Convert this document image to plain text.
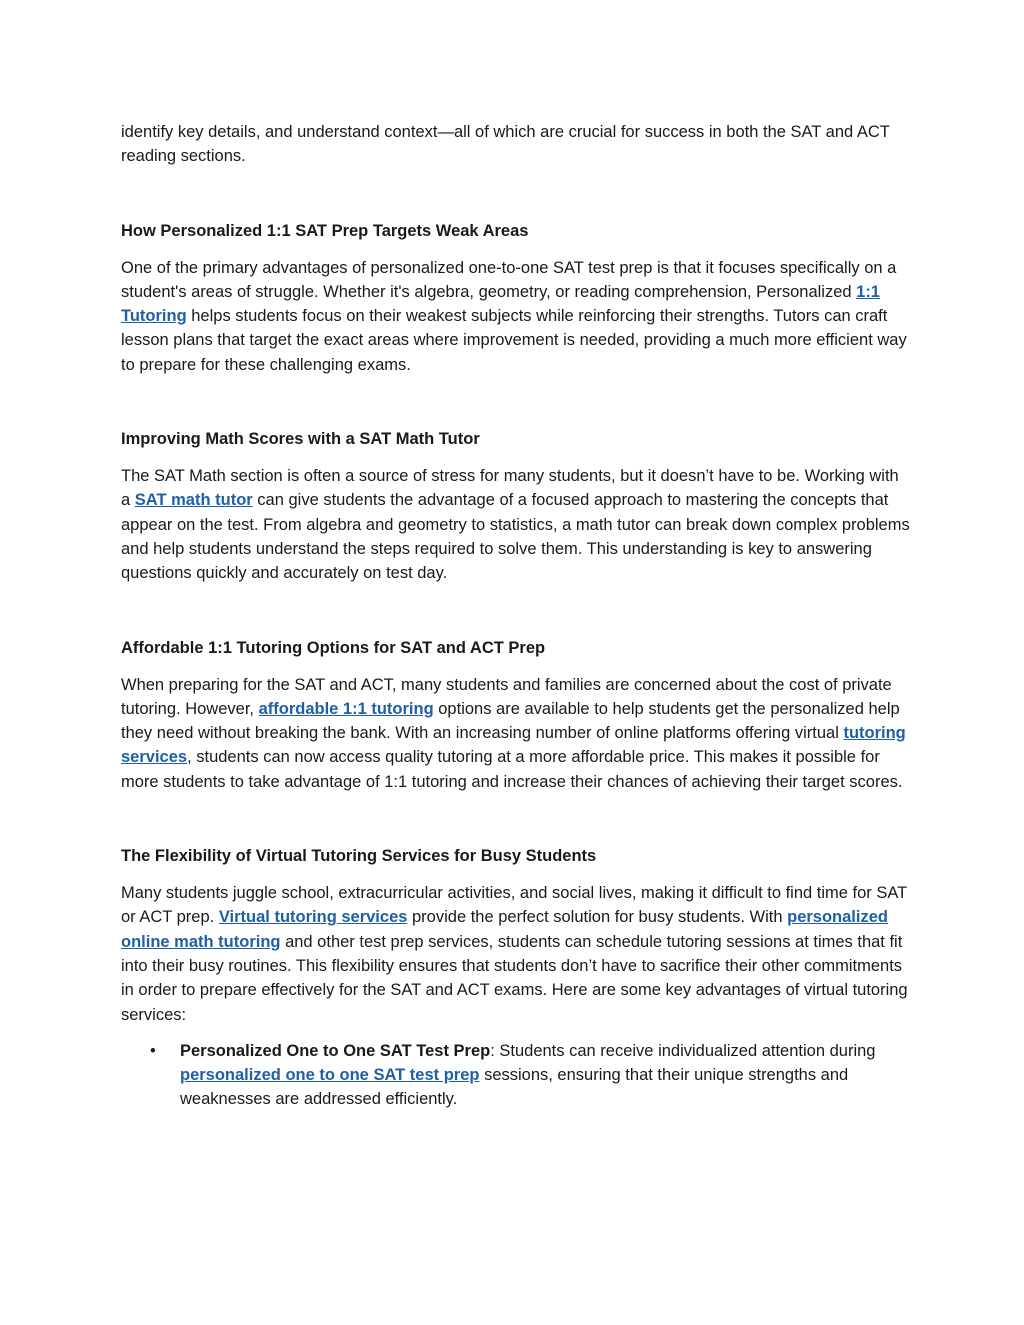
identify key details, and understand context—all of which are crucial for success in both the SAT and ACT reading sections.

How Personalized 1:1 SAT Prep Targets Weak Areas

One of the primary advantages of personalized one-to-one SAT test prep is that it focuses specifically on a student's areas of struggle. Whether it's algebra, geometry, or reading comprehension, Personalized 1:1 Tutoring helps students focus on their weakest subjects while reinforcing their strengths. Tutors can craft lesson plans that target the exact areas where improvement is needed, providing a much more efficient way to prepare for these challenging exams.

Improving Math Scores with a SAT Math Tutor

The SAT Math section is often a source of stress for many students, but it doesn’t have to be. Working with a SAT math tutor can give students the advantage of a focused approach to mastering the concepts that appear on the test. From algebra and geometry to statistics, a math tutor can break down complex problems and help students understand the steps required to solve them. This understanding is key to answering questions quickly and accurately on test day.

Affordable 1:1 Tutoring Options for SAT and ACT Prep

When preparing for the SAT and ACT, many students and families are concerned about the cost of private tutoring. However, affordable 1:1 tutoring options are available to help students get the personalized help they need without breaking the bank. With an increasing number of online platforms offering virtual tutoring services, students can now access quality tutoring at a more affordable price. This makes it possible for more students to take advantage of 1:1 tutoring and increase their chances of achieving their target scores.

The Flexibility of Virtual Tutoring Services for Busy Students

Many students juggle school, extracurricular activities, and social lives, making it difficult to find time for SAT or ACT prep. Virtual tutoring services provide the perfect solution for busy students. With personalized online math tutoring and other test prep services, students can schedule tutoring sessions at times that fit into their busy routines. This flexibility ensures that students don’t have to sacrifice their other commitments in order to prepare effectively for the SAT and ACT exams. Here are some key advantages of virtual tutoring services:

• Personalized One to One SAT Test Prep: Students can receive individualized attention during personalized one to one SAT test prep sessions, ensuring that their unique strengths and weaknesses are addressed efficiently.
